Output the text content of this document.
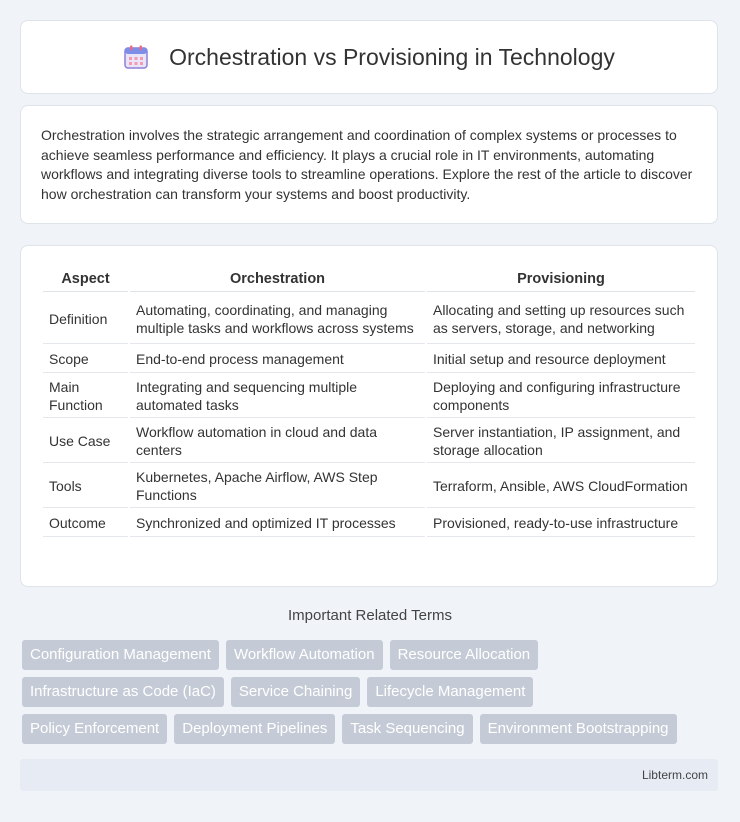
Orchestration vs Provisioning in Technology

Orchestration involves the strategic arrangement and coordination of complex systems or processes to achieve seamless performance and efficiency. It plays a crucial role in IT environments, automating workflows and integrating diverse tools to streamline operations. Explore the rest of the article to discover how orchestration can transform your systems and boost productivity.

Aspect	Orchestration	Provisioning
Definition	Automating, coordinating, and managing multiple tasks and workflows across systems	Allocating and setting up resources such as servers, storage, and networking
Scope	End-to-end process management	Initial setup and resource deployment
Main Function	Integrating and sequencing multiple automated tasks	Deploying and configuring infrastructure components
Use Case	Workflow automation in cloud and data centers	Server instantiation, IP assignment, and storage allocation
Tools	Kubernetes, Apache Airflow, AWS Step Functions	Terraform, Ansible, AWS CloudFormation
Outcome	Synchronized and optimized IT processes	Provisioned, ready-to-use infrastructure
Important Related Terms
Configuration Management	Workflow Automation	Resource Allocation
Infrastructure as Code (IaC)	Service Chaining	Lifecycle Management
Policy Enforcement	Deployment Pipelines	Task Sequencing	Environment Bootstrapping
Libterm.com
